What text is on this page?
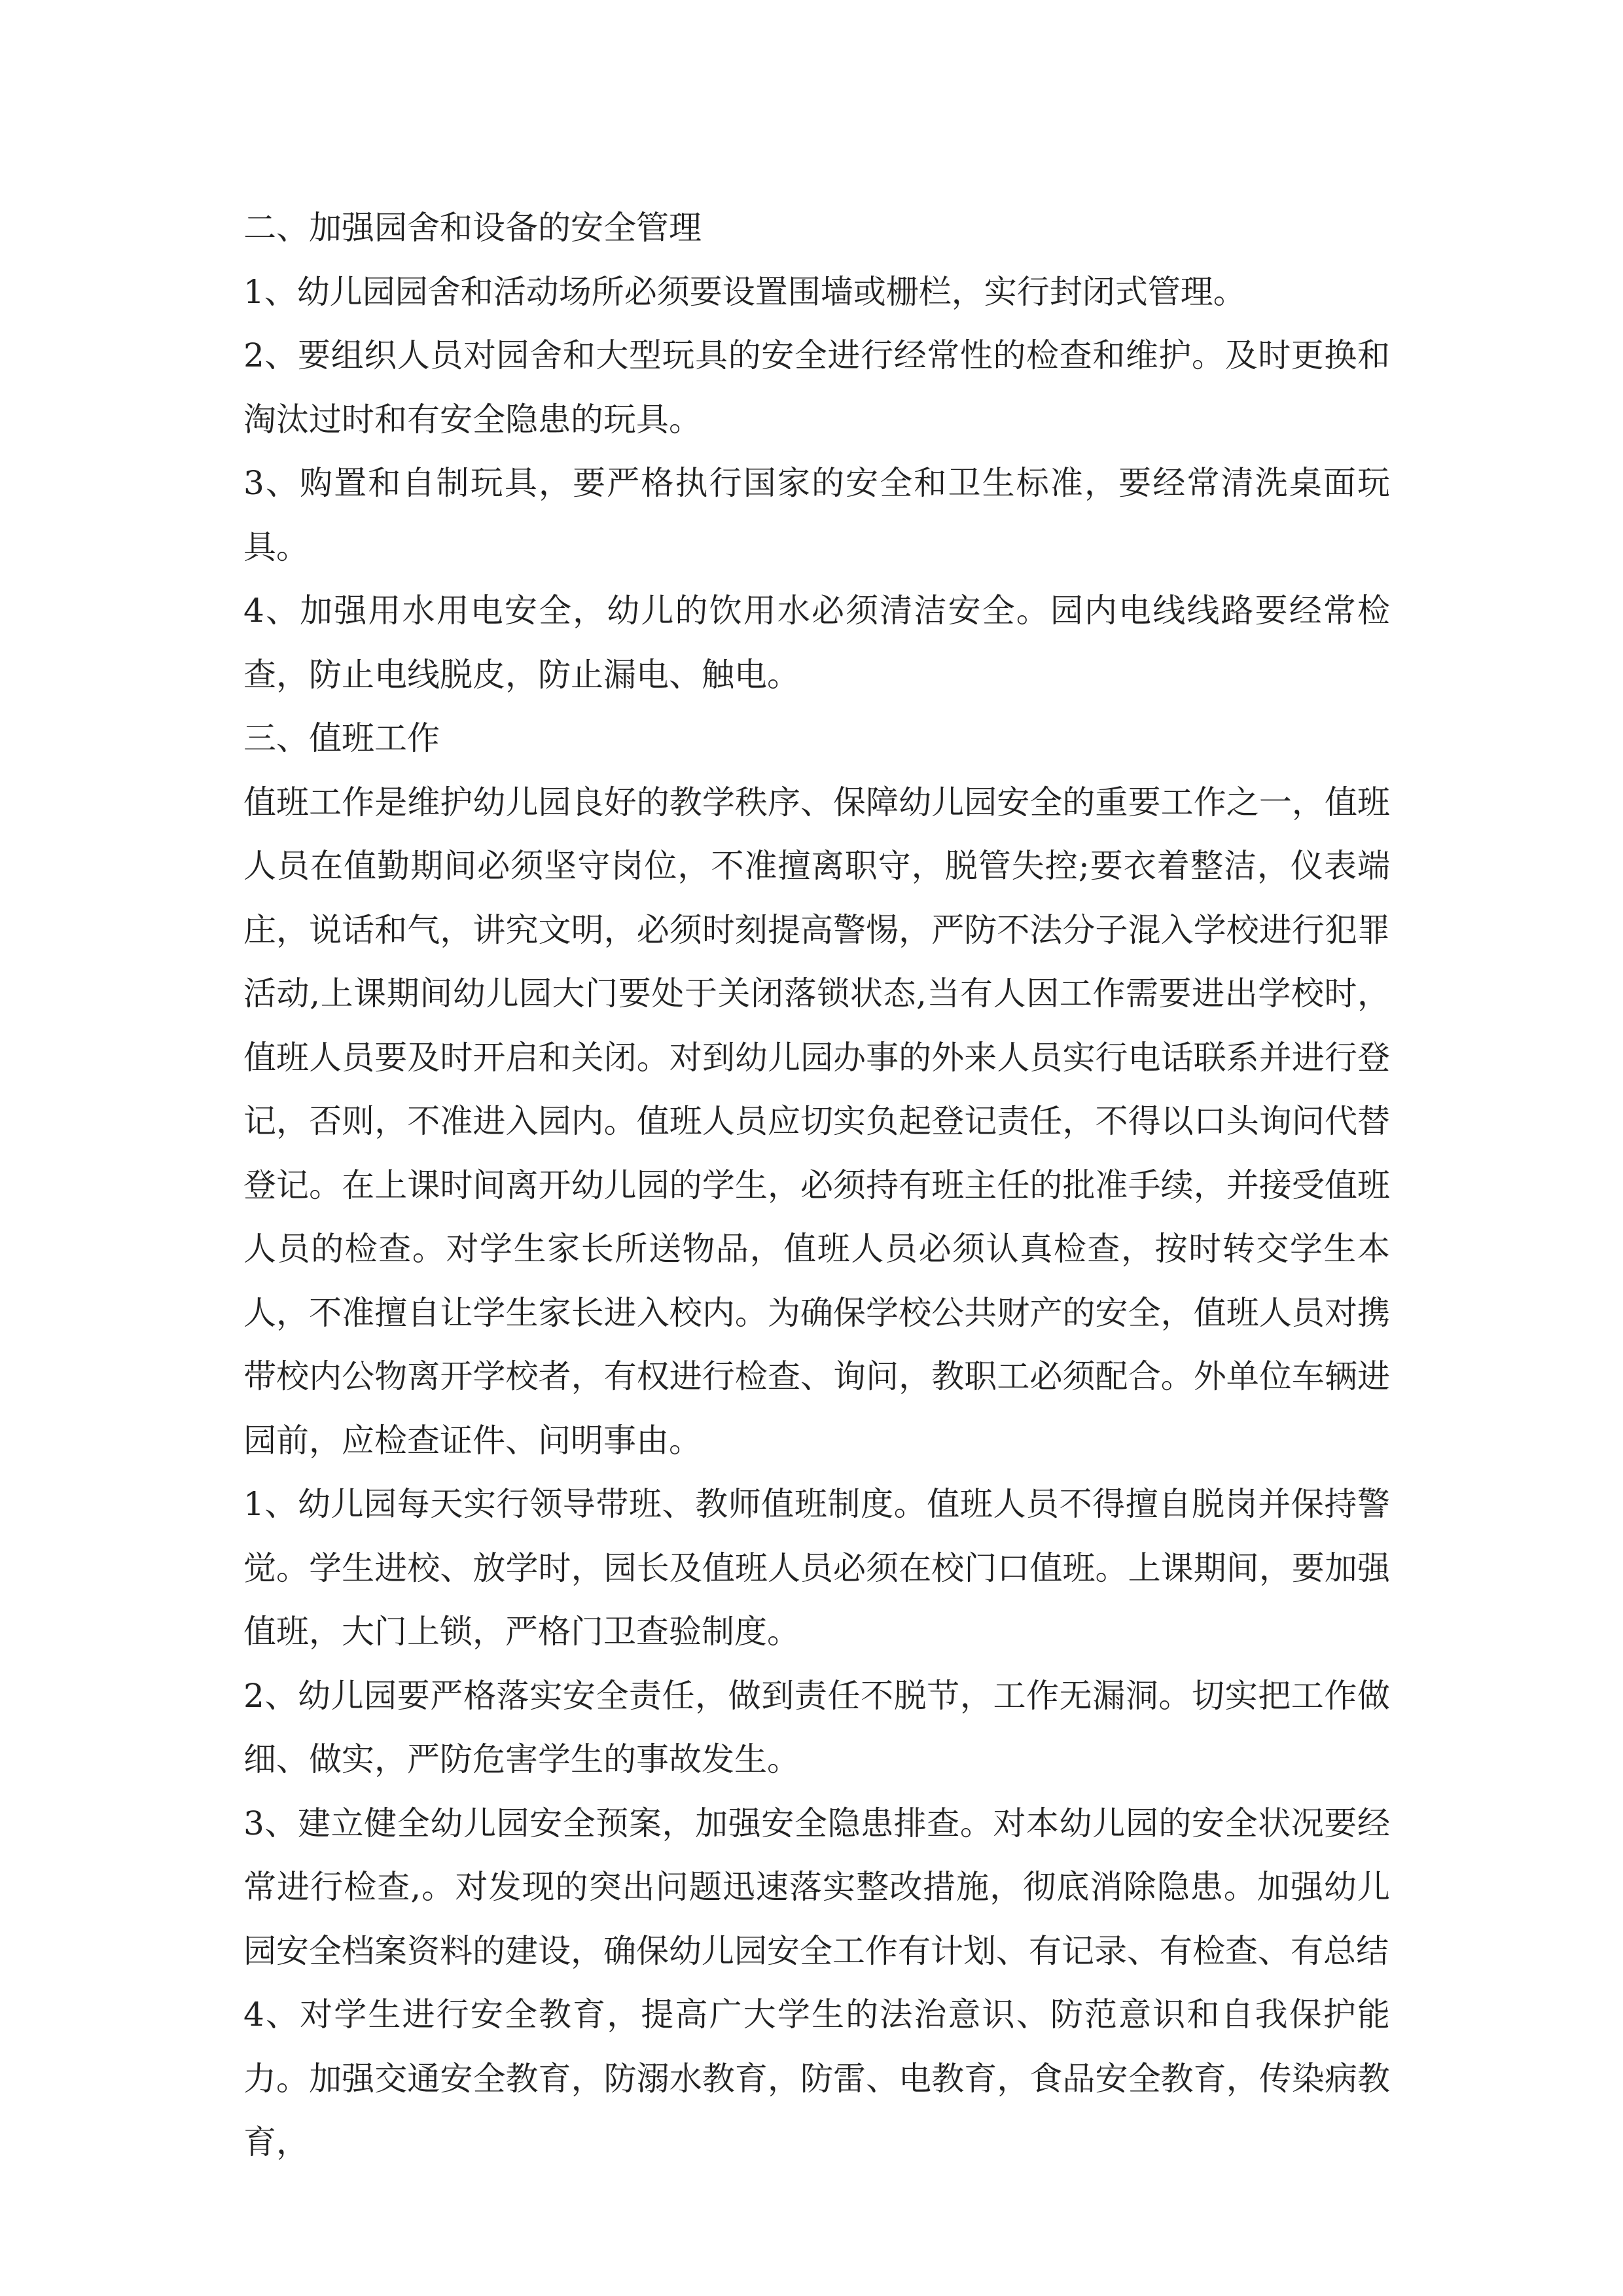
二、加强园舍和设备的安全管理

1、幼儿园园舍和活动场所必须要设置围墙或栅栏，实行封闭式管理。

2、要组织人员对园舍和大型玩具的安全进行经常性的检查和维护。及时更换和淘汰过时和有安全隐患的玩具。

3、购置和自制玩具，要严格执行国家的安全和卫生标准，要经常清洗桌面玩具。

4、加强用水用电安全，幼儿的饮用水必须清洁安全。园内电线线路要经常检查，防止电线脱皮，防止漏电、触电。

三、值班工作

值班工作是维护幼儿园良好的教学秩序、保障幼儿园安全的重要工作之一，值班人员在值勤期间必须坚守岗位，不准擅离职守，脱管失控;要衣着整洁，仪表端庄，说话和气，讲究文明，必须时刻提高警惕，严防不法分子混入学校进行犯罪活动,上课期间幼儿园大门要处于关闭落锁状态,当有人因工作需要进出学校时，值班人员要及时开启和关闭。对到幼儿园办事的外来人员实行电话联系并进行登记，否则，不准进入园内。值班人员应切实负起登记责任，不得以口头询问代替登记。在上课时间离开幼儿园的学生，必须持有班主任的批准手续，并接受值班人员的检查。对学生家长所送物品，值班人员必须认真检查，按时转交学生本人，不准擅自让学生家长进入校内。为确保学校公共财产的安全，值班人员对携带校内公物离开学校者，有权进行检查、询问，教职工必须配合。外单位车辆进园前，应检查证件、问明事由。

1、幼儿园每天实行领导带班、教师值班制度。值班人员不得擅自脱岗并保持警觉。学生进校、放学时，园长及值班人员必须在校门口值班。上课期间，要加强值班，大门上锁，严格门卫查验制度。

2、幼儿园要严格落实安全责任，做到责任不脱节，工作无漏洞。切实把工作做细、做实，严防危害学生的事故发生。

3、建立健全幼儿园安全预案，加强安全隐患排查。对本幼儿园的安全状况要经常进行检查,。对发现的突出问题迅速落实整改措施，彻底消除隐患。加强幼儿园安全档案资料的建设，确保幼儿园安全工作有计划、有记录、有检查、有总结

4、对学生进行安全教育，提高广大学生的法治意识、防范意识和自我保护能力。加强交通安全教育，防溺水教育，防雷、电教育，食品安全教育，传染病教育，
